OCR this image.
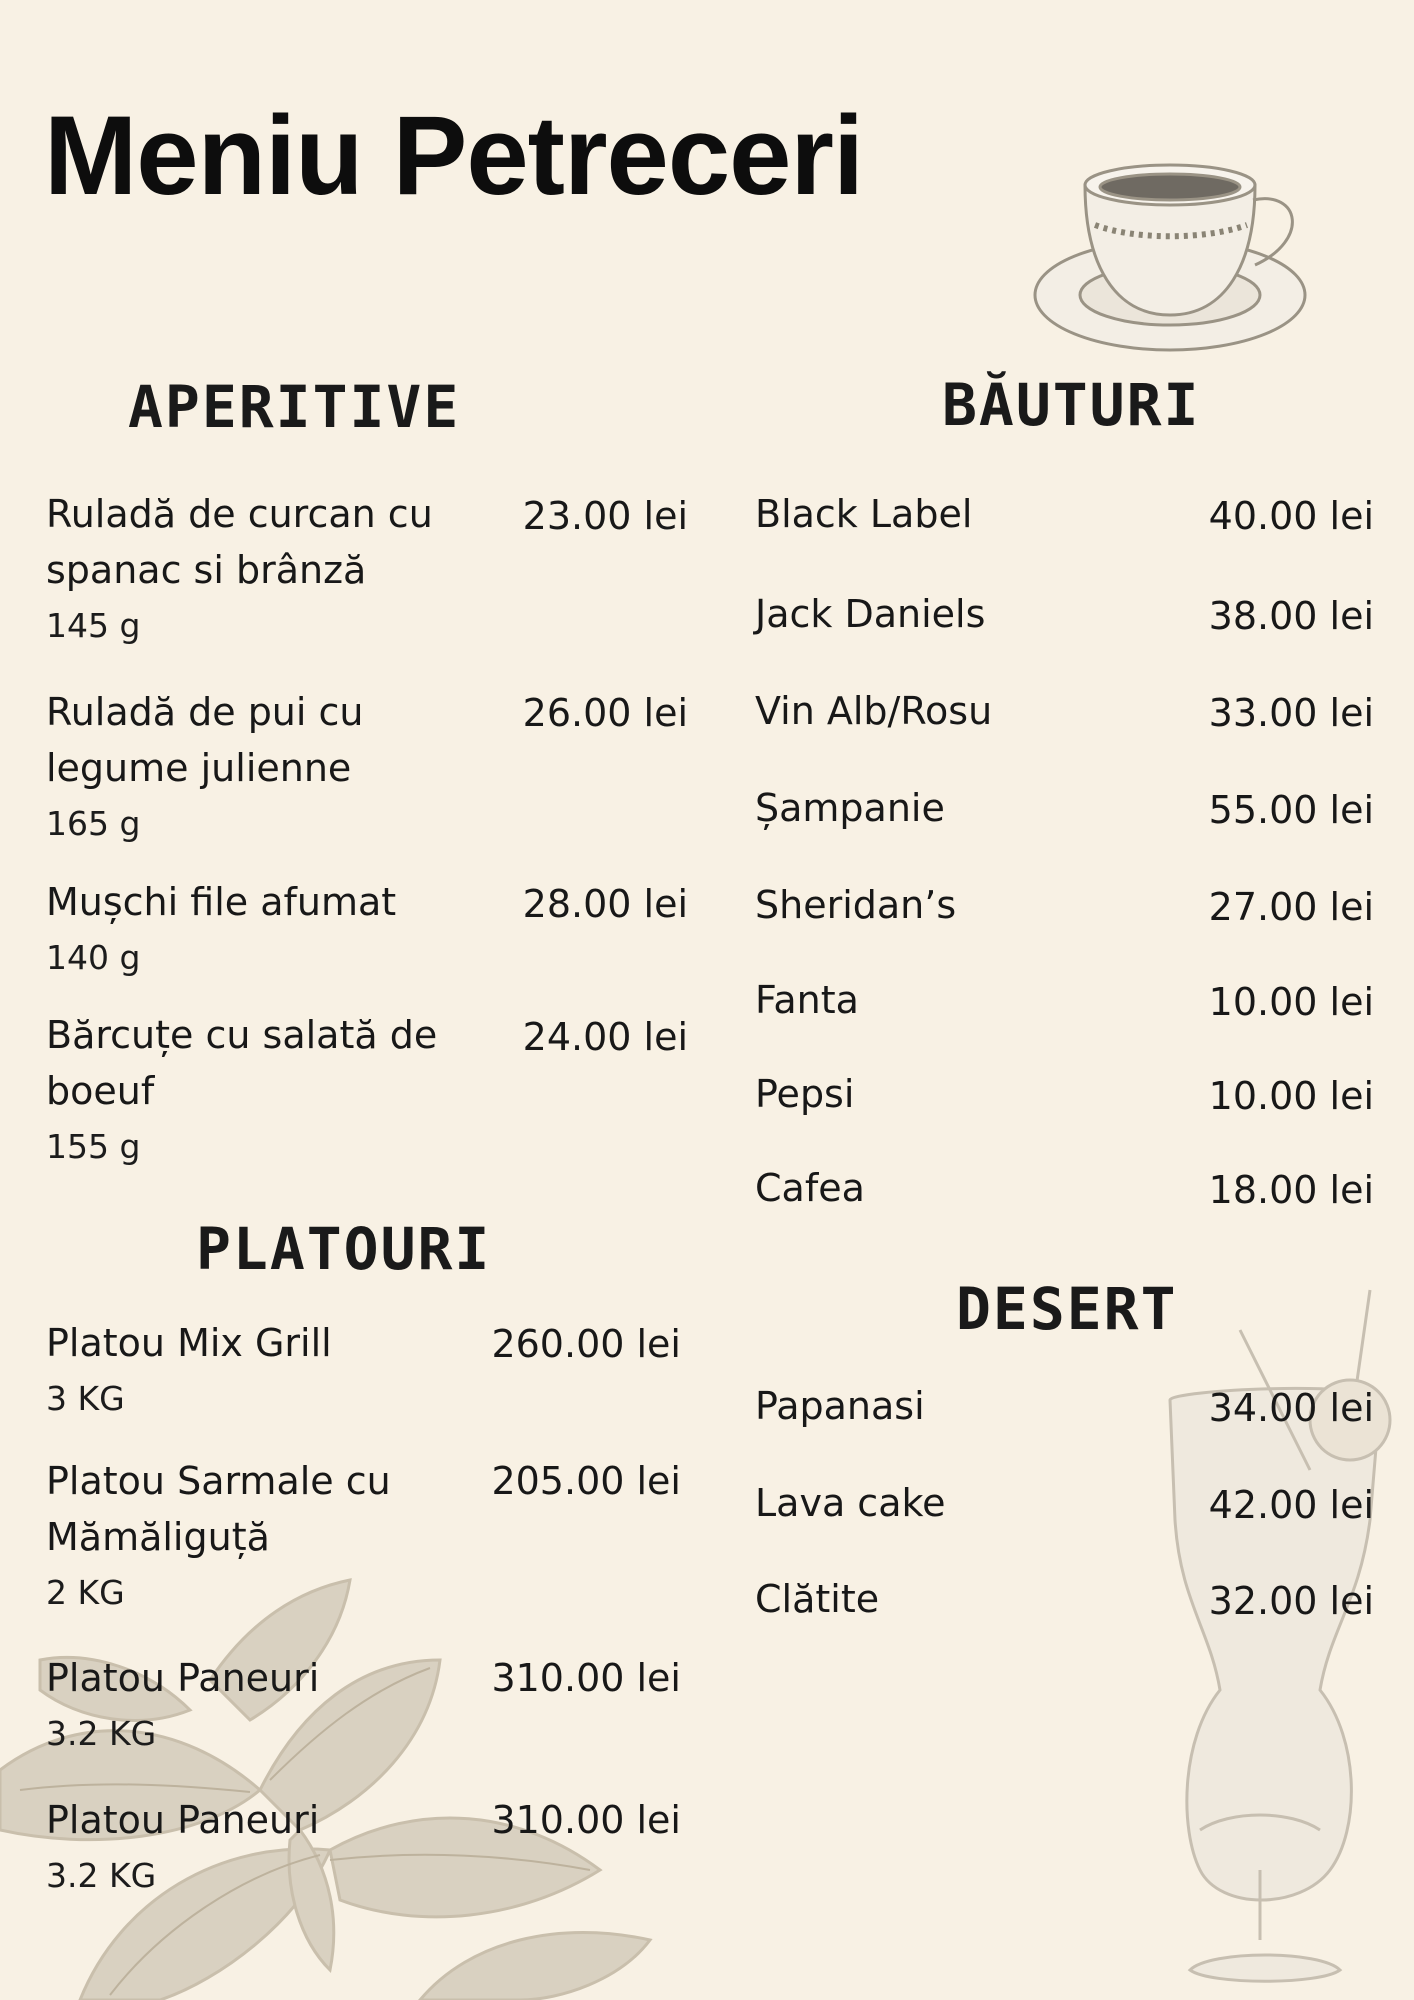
Meniu Petreceri
APERITIVE
Ruladă de curcan cu spanac si brânză
145 g
23.00 lei
Ruladă de pui cu legume julienne
165 g
26.00 lei
Mușchi file afumat
140 g
28.00 lei
Bărcuțe cu salată de boeuf
155 g
24.00 lei
PLATOURI
Platou Mix Grill
3 KG
260.00 lei
Platou Sarmale cu Mămăliguță
2 KG
205.00 lei
Platou Paneuri
3.2 KG
310.00 lei
Platou Paneuri
3.2 KG
310.00 lei
BĂUTURI
Black Label	40.00 lei
Jack Daniels	38.00 lei
Vin Alb/Rosu	33.00 lei
Șampanie	55.00 lei
Sheridan’s	27.00 lei
Fanta	10.00 lei
Pepsi	10.00 lei
Cafea	18.00 lei
DESERT
Papanasi	34.00 lei
Lava cake	42.00 lei
Clătite	32.00 lei
